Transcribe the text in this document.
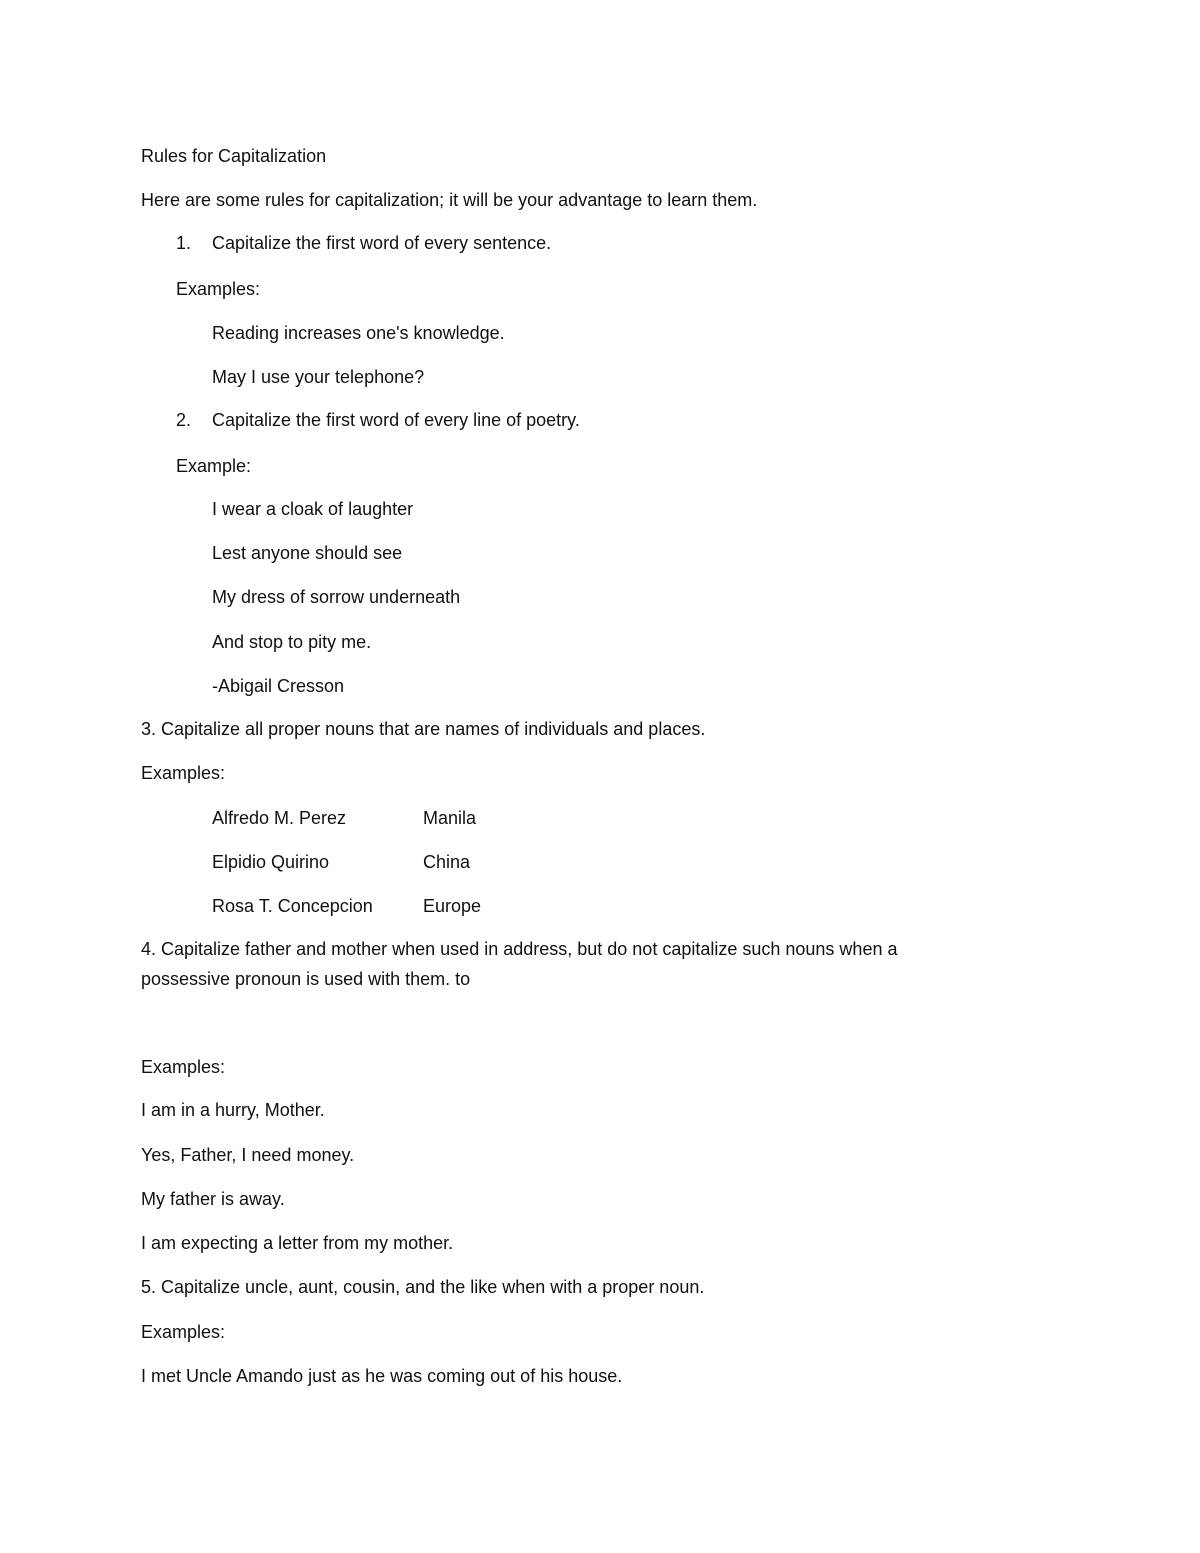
Rules for Capitalization
Here are some rules for capitalization; it will be your advantage to learn them.
1. Capitalize the first word of every sentence.
Examples:
Reading increases one's knowledge.
May I use your telephone?
2. Capitalize the first word of every line of poetry.
Example:
I wear a cloak of laughter
Lest anyone should see
My dress of sorrow underneath
And stop to pity me.
-Abigail Cresson
3. Capitalize all proper nouns that are names of individuals and places.
Examples:
Alfredo M. Perez	Manila
Elpidio Quirino	China
Rosa T. Concepcion	Europe
4. Capitalize father and mother when used in address, but do not capitalize such nouns when a
possessive pronoun is used with them. to
Examples:
I am in a hurry, Mother.
Yes, Father, I need money.
My father is away.
I am expecting a letter from my mother.
5. Capitalize uncle, aunt, cousin, and the like when with a proper noun.
Examples:
I met Uncle Amando just as he was coming out of his house.
